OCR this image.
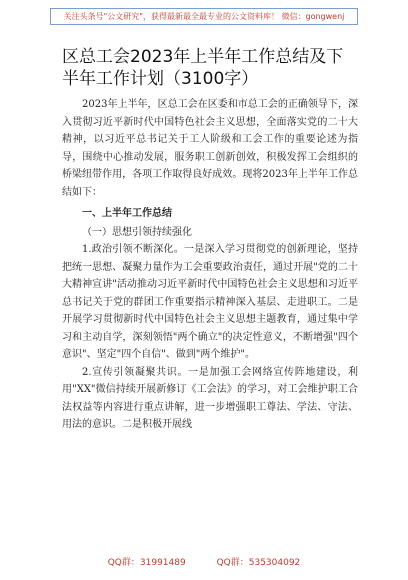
关注头条号"公文研究"，获得最新最全最专业的公文资料库！ 微信：gongwenj
区总工会2023年上半年工作总结及下半年工作计划（3100字）

2023年上半年，区总工会在区委和市总工会的正确领导下，深入贯彻习近平新时代中国特色社会主义思想，全面落实党的二十大精神，以习近平总书记关于工人阶级和工会工作的重要论述为指导，围绕中心推动发展，服务职工创新创效，积极发挥工会组织的桥梁纽带作用，各项工作取得良好成效。现将2023年上半年工作总结如下：

一、上半年工作总结

（一）思想引领持续强化

1.政治引领不断深化。一是深入学习贯彻党的创新理论，坚持把统一思想、凝聚力量作为工会重要政治责任，通过开展"党的二十大精神宣讲"活动推动习近平新时代中国特色社会主义思想和习近平总书记关于党的群团工作重要指示精神深入基层、走进职工。二是开展学习贯彻新时代中国特色社会主义思想主题教育，通过集中学习和主动自学，深刻领悟"两个确立"的决定性意义，不断增强"四个意识"、坚定"四个自信"、做到"两个维护"。

2.宣传引领凝聚共识。一是加强工会网络宣传阵地建设，利用"XX"微信持续开展新修订《工会法》的学习，对工会维护职工合法权益等内容进行重点讲解，进一步增强职工尊法、学法、守法、用法的意识。二是积极开展线

QQ群：31991489	QQ群：535304092
